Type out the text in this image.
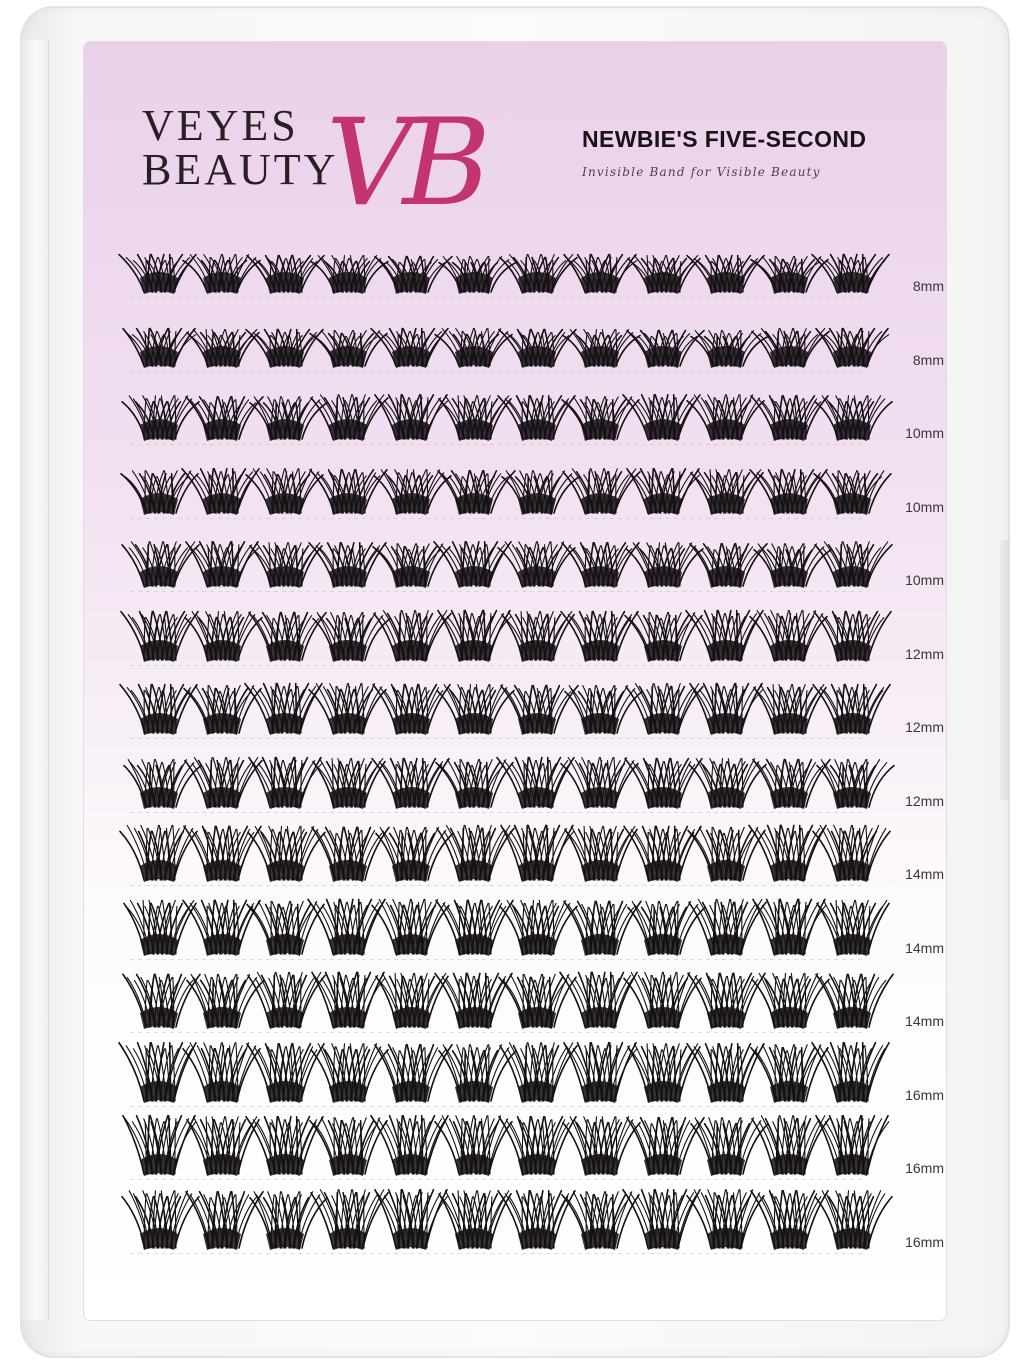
VEYES
BEAUTY
VB	NEWBIE'S FIVE-SECOND
Invisible Band for Visible Beauty
8mm
8mm
10mm
10mm
10mm
12mm
12mm
12mm
14mm
14mm
14mm
16mm
16mm
16mm
